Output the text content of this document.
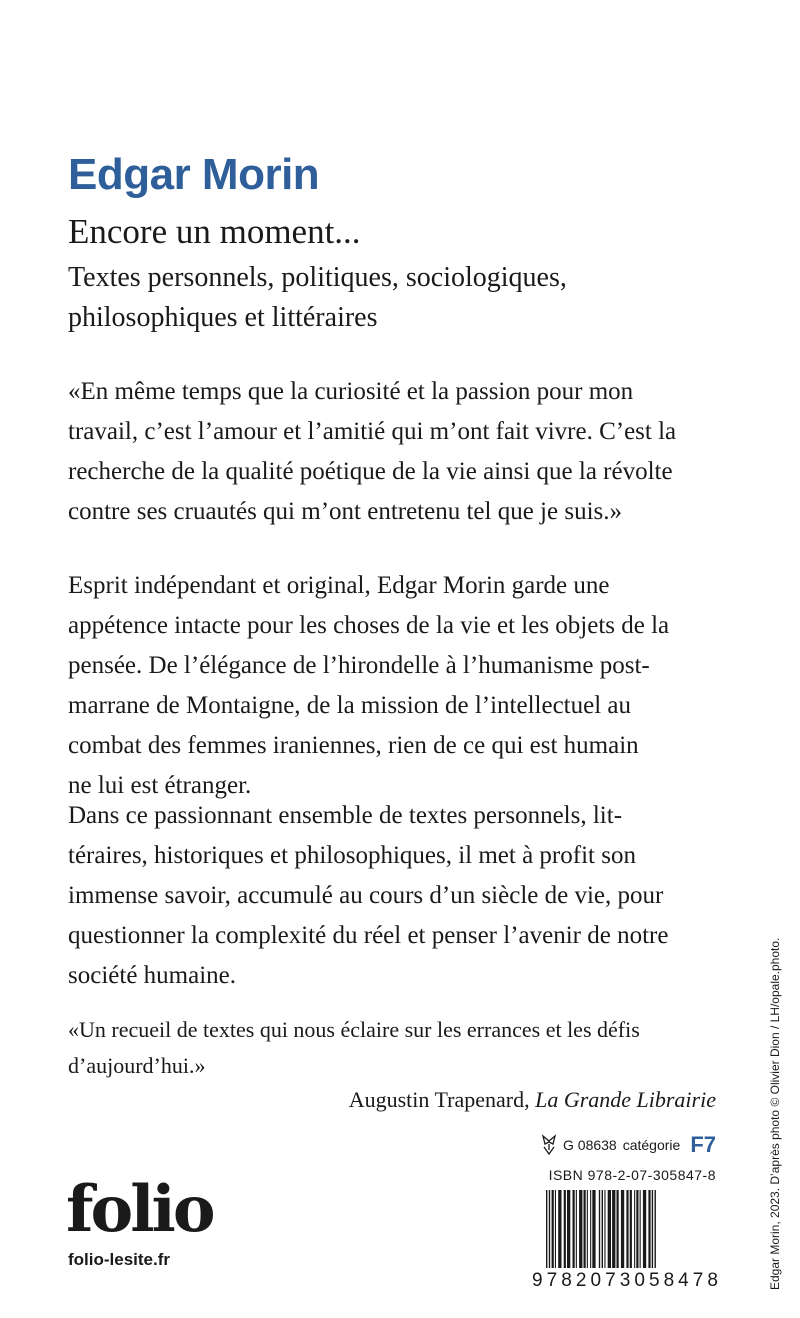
Edgar Morin
Encore un moment...
Textes personnels, politiques, sociologiques,
philosophiques et littéraires
«En même temps que la curiosité et la passion pour mon
travail, c’est l’amour et l’amitié qui m’ont fait vivre. C’est la
recherche de la qualité poétique de la vie ainsi que la révolte
contre ses cruautés qui m’ont entretenu tel que je suis.»
Esprit indépendant et original, Edgar Morin garde une
appétence intacte pour les choses de la vie et les objets de la
pensée. De l’élégance de l’hirondelle à l’humanisme post-
marrane de Montaigne, de la mission de l’intellectuel au
combat des femmes iraniennes, rien de ce qui est humain
ne lui est étranger.
Dans ce passionnant ensemble de textes personnels, lit-
téraires, historiques et philosophiques, il met à profit son
immense savoir, accumulé au cours d’un siècle de vie, pour
questionner la complexité du réel et penser l’avenir de notre
société humaine.
«Un recueil de textes qui nous éclaire sur les errances et les défis
d’aujourd’hui.»

Augustin Trapenard, La Grande Librairie

G 08638 catégorie F7
ISBN 978-2-07-305847-8
folio
folio-lesite.fr
9782073058478	Edgar Morin, 2023. D’après photo © Olivier Dion / LH/opale.photo.
